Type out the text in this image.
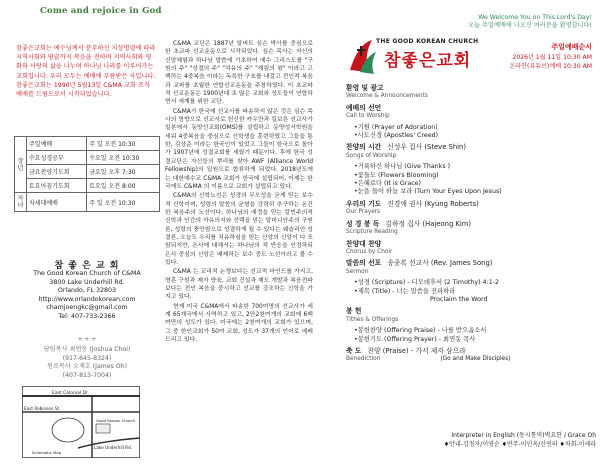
Come and rejoice in God
참좋은교회는 예수님께서 분부하신 지상명령에 따라 지역사회와 땅끝까지 복음을 전하며 지역사회와 평화와 사랑의 삶을 나누며 하나님 나라를 이루어가는 교회입니다. 우리 모두는 예배에 부름받은 자입니다. 참좋은교회는 1990년 5월13일 C&MA 교회 조직 예배를 드림으로서 시작되었습니다.
장년	주일예배	주 일 오전 10:30
	수요성경공부	수요일 오전 10:30
	금요찬양기도회	금요일 오후 7:30
	토요아침기도회	토요일 오전 8:00
자녀	차세대예배	주 일 오전 10:30
참 좋 은 교 회
The Good Korean Church of C&MA
3800 Lake Underhill Rd.
Orlando, FL 32803
http://www.orlandokorean.com
chamjoengkc@gmail.com
Tel: 407-733-2366
+ + +
담임목사 최연동 (Joshua Choi)
(917-645-8324)
원로목사 오제호 (James Oh)
(407-813-7004)
East Colonial Dr.
East Robinson St.
Lake Underhill Rd.
Good Korean Church
Schematic Map

C&MA 교단은 1887년 알버트 심슨 박사를 중심으로 한 초교파 선교운동으로 시작되었다. 심슨 목사는 자신의 신앙체험과 하나님 말씀에 기초하여 예수 그리스도를 "구원의 주" "성결의 주" "치유의 주" "재림의 왕" 이라고 고백하는 4중복음 이라는 독특한 구호를 내걸고 전인적 복음과 교파를 초월한 연합선교운동을 주창하였다. 이 초교파적 선교운동은 1900년대 초 많은 교회와 성도들이 연합하면서 세계를 위한 교단.

C&MA가 한국에 선교사를 파송하지 않은 것은 심슨 목사의 영향으로 선교사로 헌신한 카우만과 킬보른 선교사가 일본에서 동양선교회(OMS)를 설립하고 동양성서학원을 세워 4중복음을 중심으로 신학생을 훈련하였고 그들을 통한, 김상준 이라는 한국인이 있었고 그들이 한국으로 돌아가 1907년에 성결교회를 세웠기 때문이다. 후에 한국 성결교단은 자신들의 뿌리를 찾아 AWF (Alliance World Fellowship)의 일원으로 합류하게 되었다. 2018년도에는 대한예수교 C&MA 교회가 한국에 설립되어, 이제는 한국에도 C&MA 의 이름으로 교회가 설립되고 있다.

C&MA의 신학노선은 성경의 무오성을 굳게 믿는 보수적 신학이며, 성령의 말씀의 균형을 강력히 추구하는 온건한 복음주의 노선이다. 하나님의 예정을 믿는 칼빈주의적 신학과 인간의 자유의지와 선택을 믿는 알미니안주의 구원론, 성령의 충만함으로 성결하게 될 수 있다는 웨슬리안 성결론, 오늘도 우리를 치유하심을 믿는 신앙의 신앙이 다 포함되지만, 온사에 대해서는 하나님의 적 반응을 인정하되 은사 중심의 신앙은 배제하는 보수 중도 노선이라고 볼 수 있다.

C&MA 는 교리적 논쟁보다는 선교적 마인드를 가지고, 영혼 구원과 제자 양육, 교회 건설과 제도 개발과 복음전파 보다는 전인 복음을 중시하고 선교를 강조하는 신학을 가지고 있다.

현재 미국 C&MA에서 파송한 700여명의 선교사가 세계 65개국에서 사역하고 있고, 2만2천여개의 교회에 6백여만의 성도가 있다. 미국에는 2천여개의 교회가 있으며, 그 중 한인교회가 50여 교회, 성도가 37개의 언어로 예배 드리고 있다.

We Welcome You on This Lord's Day!
오늘 주일예배에 나오신 여러분을 환영합니다!
THE GOOD KOREAN CHURCH
참좋은교회
주일예배순서
2026년 1월 11일 10:30 AM
온라인(유튜브)예배 10:30 AM
환영 및 광고
Welcome & Announcements
예배의 선언
Call to Worship
•기원 (Prayer of Adoration)
•사도신경 (Apostles' Creed)
찬양의 시간 신성우 집사 (Steve Shin)
Songs of Worship
•거룩하신 하나님 (Give Thanks )
•꽃들도 (Flowers Blooming)
•은혜로다 (It is Grace)
•눈을 들어 하늘 보라 (Turn Your Eyes Upon Jesus)
우리의 기도 진경애 권사 (Kyung Roberts)
Our Prayers
성 경 봉 독 김하정 집사 (Hajeong Kim)
Scripture Reading
찬양대 찬양
Chorus by Choir
말씀의 선포 송종록 선교사 (Rev. James Song)
Sermon
•성경 (Scripture) - 디모데후서 (2 Timothy) 4:1-2
•제목 (Title) - 너는 말씀을 전파하라
Proclaim the Word
봉 헌
Tithes & Offerings
•봉헌찬양 (Offering Praise) - 나를 받으옵소서
•봉헌기도 (Offering Prayer) - 최연동 목사
축 도 찬양 (Praise) - 가서 제자 삼으라
Benediction	(Go and Make Disciples)
Interpreter in English (동시통역)벽요한 / Grace Oh
♦안내-김정자/이영순 ♦반주-이인옥/신연의 ♦차회-이세라
